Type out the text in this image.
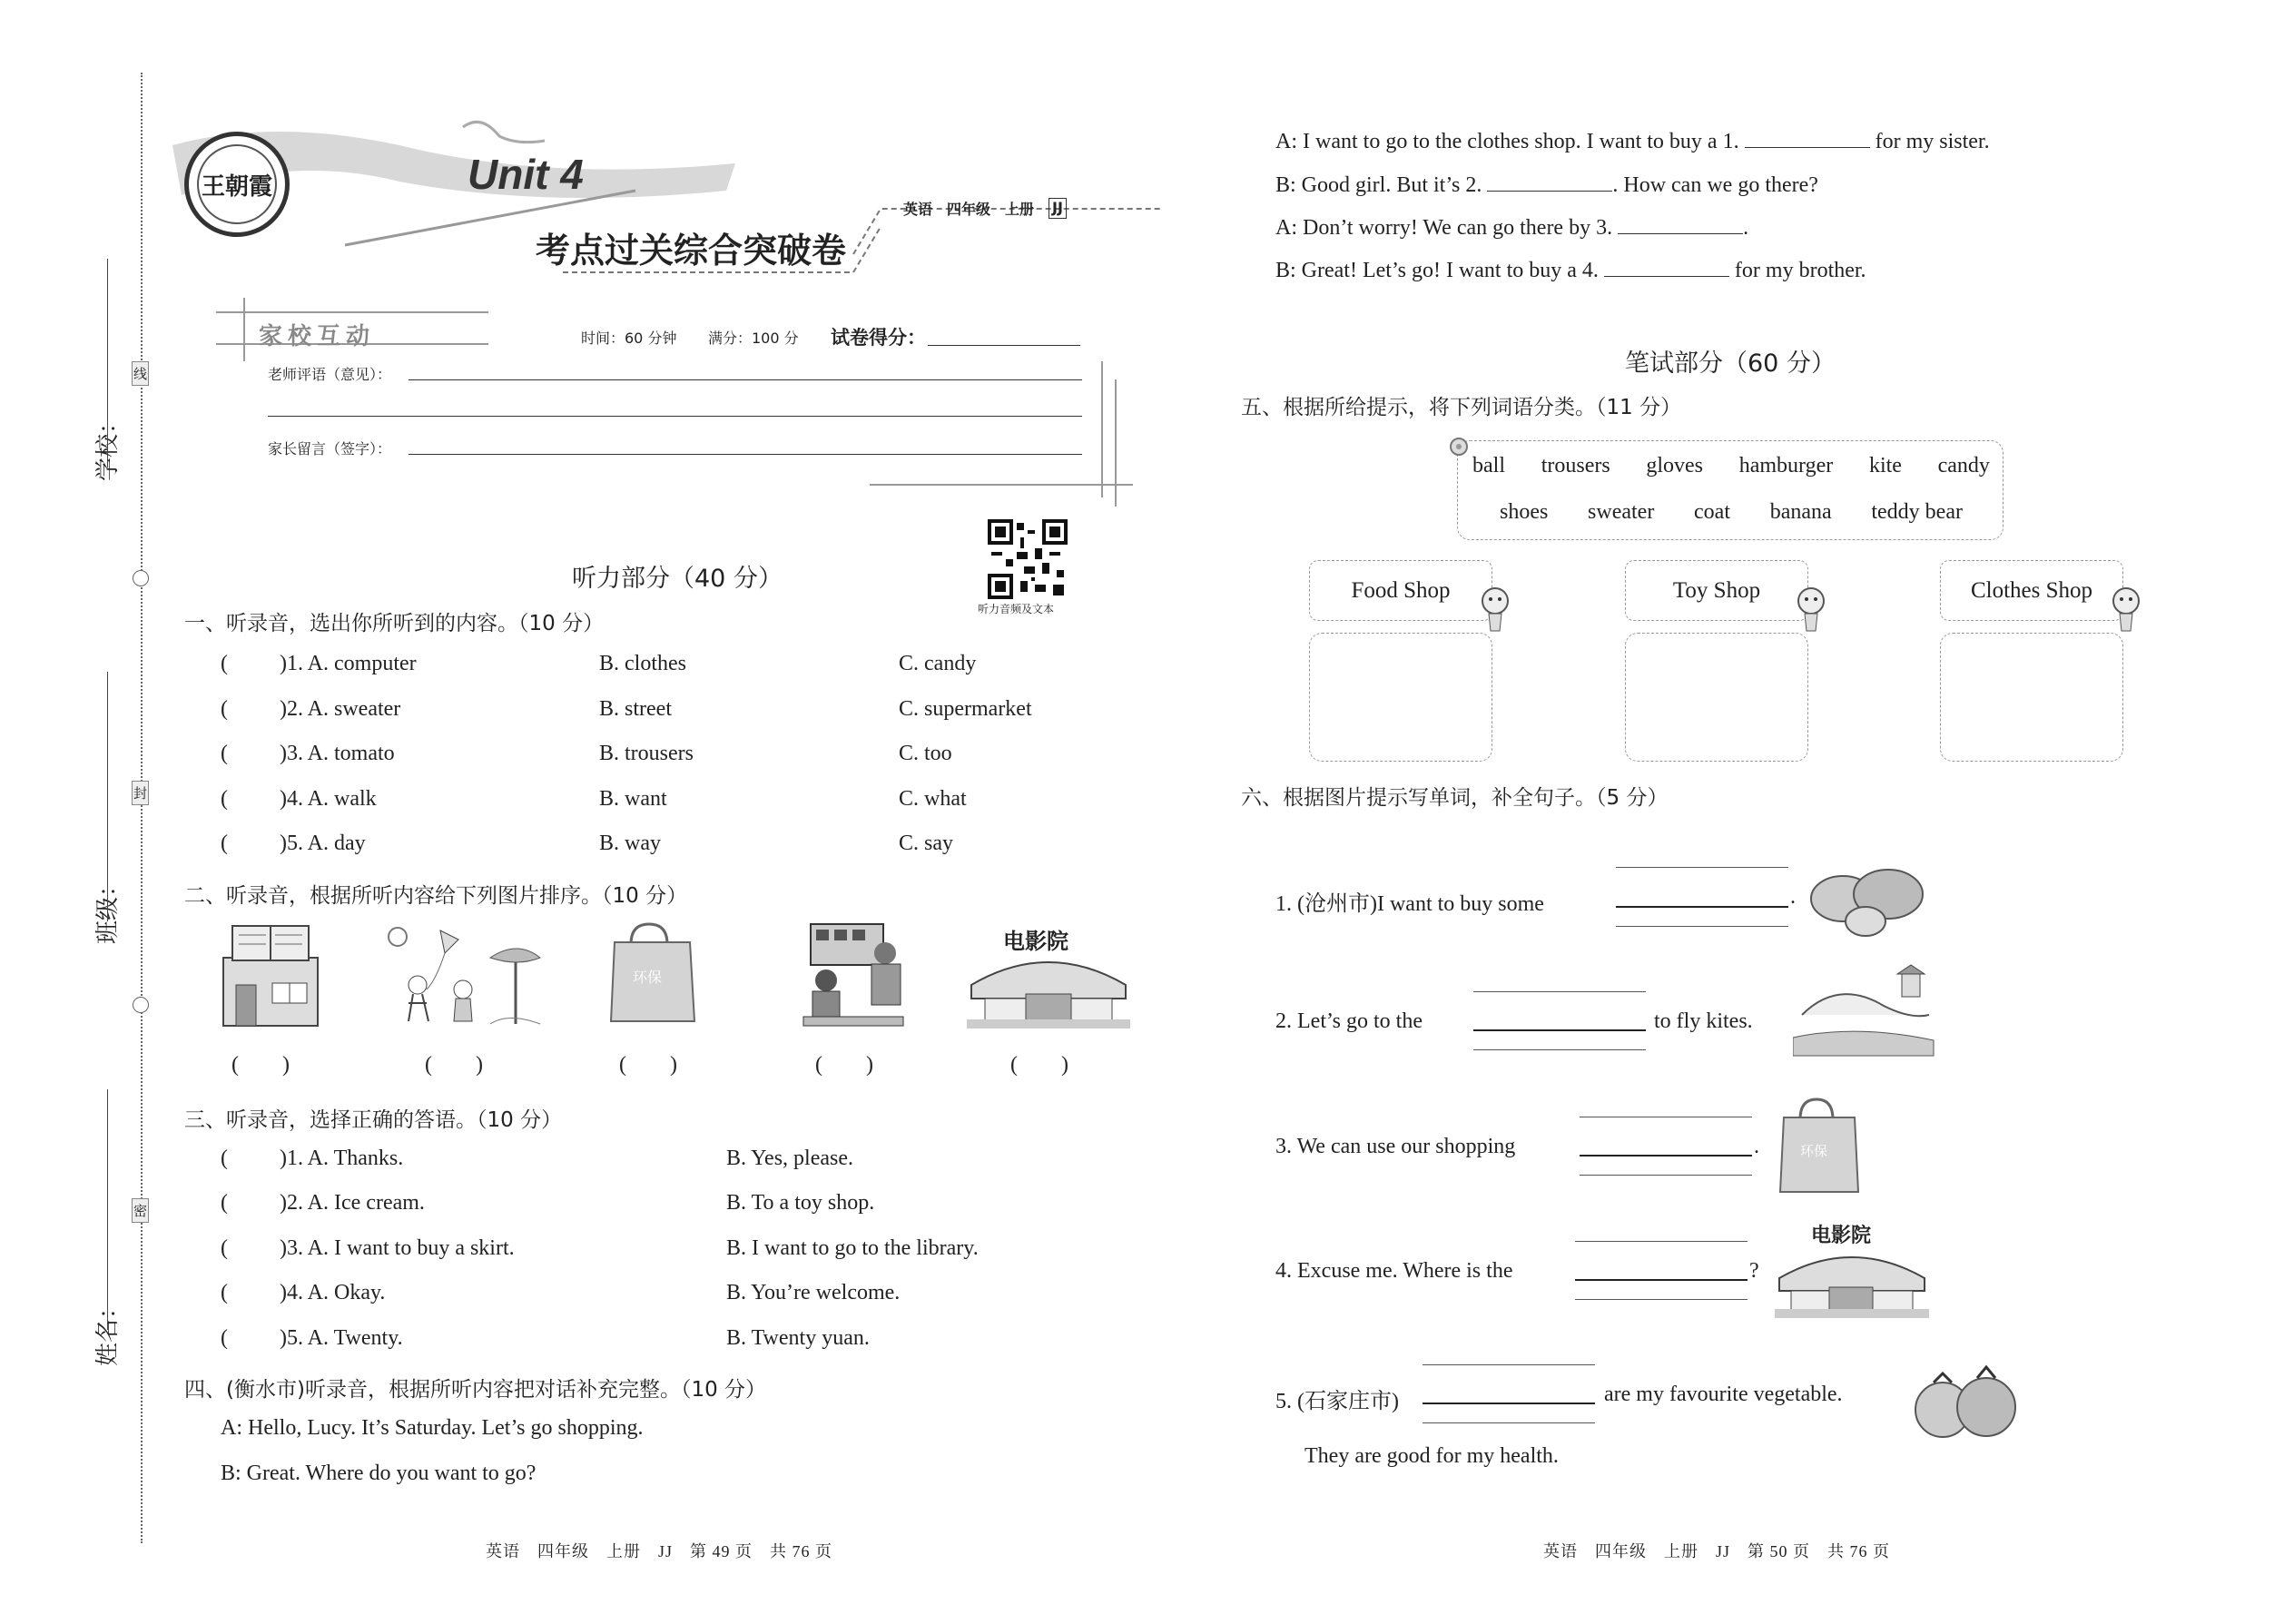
学校：
线
班级：
封
姓名：
密
王朝霞	Unit 4
考点过关综合突破卷
英语 四年级 上册 JJ
家校互动	时间：60 分钟 满分：100 分 试卷得分：
老师评语（意见）：
家长留言（签字）：
听力音频及文本
听力部分（40 分）
一、听录音，选出你所听到的内容。（10 分）
( )1. A. computer	B. clothes	C. candy
( )2. A. sweater	B. street	C. supermarket
( )3. A. tomato	B. trousers	C. too
( )4. A. walk	B. want	C. what
( )5. A. day	B. way	C. say
二、听录音，根据所听内容给下列图片排序。（10 分）
环保
电影院
(　　)	(　　)	(　　)	(　　)	(　　)
三、听录音，选择正确的答语。（10 分）
( )1. A. Thanks.	B. Yes, please.
( )2. A. Ice cream.	B. To a toy shop.
( )3. A. I want to buy a skirt.	B. I want to go to the library.
( )4. A. Okay.	B. You’re welcome.
( )5. A. Twenty.	B. Twenty yuan.
四、(衡水市)听录音，根据所听内容把对话补充完整。（10 分）
A: Hello, Lucy. It’s Saturday. Let’s go shopping.
B: Great. Where do you want to go?
英语　四年级　上册　JJ　第 49 页　共 76 页
A: I want to go to the clothes shop. I want to buy a 1.	for my sister.
B: Good girl. But it’s 2.	. How can we go there?
A: Don’t worry! We can go there by 3.	.
B: Great! Let’s go! I want to buy a 4.	for my brother.
笔试部分（60 分）
五、根据所给提示，将下列词语分类。（11 分）
ball trousers gloves hamburger kite candy
shoes sweater coat banana teddy bear
Food Shop	Toy Shop	Clothes Shop
六、根据图片提示写单词，补全句子。（5 分）
1. (沧州市)I want to buy some	.
2. Let’s go to the	to fly kites.
3. We can use our shopping	.	环保
4. Excuse me. Where is the	?
电影院
5. (石家庄市)	are my favourite vegetable.
They are good for my health.
英语　四年级　上册　JJ　第 50 页　共 76 页
